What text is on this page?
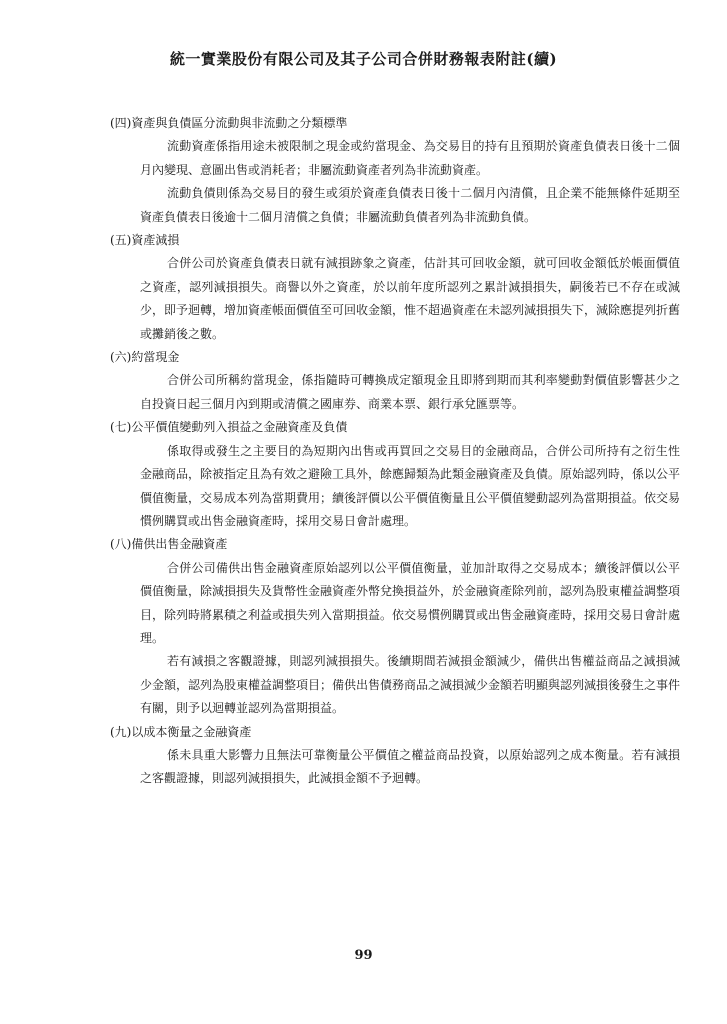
統一實業股份有限公司及其子公司合併財務報表附註(續)

(四)資產與負債區分流動與非流動之分類標準

流動資產係指用途未被限制之現金或約當現金、為交易目的持有且預期於資產負債表日後十二個月內變現、意圖出售或消耗者；非屬流動資產者列為非流動資產。

流動負債則係為交易目的發生或須於資產負債表日後十二個月內清償，且企業不能無條件延期至資產負債表日後逾十二個月清償之負債；非屬流動負債者列為非流動負債。

(五)資產減損

合併公司於資產負債表日就有減損跡象之資產，估計其可回收金額，就可回收金額低於帳面價值之資產，認列減損損失。商譽以外之資產，於以前年度所認列之累計減損損失，嗣後若已不存在或減少，即予迴轉，增加資產帳面價值至可回收金額，惟不超過資產在未認列減損損失下，減除應提列折舊或攤銷後之數。

(六)約當現金

合併公司所稱約當現金，係指隨時可轉換成定額現金且即將到期而其利率變動對價值影響甚少之自投資日起三個月內到期或清償之國庫券、商業本票、銀行承兌匯票等。

(七)公平價值變動列入損益之金融資產及負債

係取得或發生之主要目的為短期內出售或再買回之交易目的金融商品，合併公司所持有之衍生性金融商品，除被指定且為有效之避險工具外，餘應歸類為此類金融資產及負債。原始認列時，係以公平價值衡量，交易成本列為當期費用；續後評價以公平價值衡量且公平價值變動認列為當期損益。依交易慣例購買或出售金融資產時，採用交易日會計處理。

(八)備供出售金融資產

合併公司備供出售金融資產原始認列以公平價值衡量，並加計取得之交易成本；續後評價以公平價值衡量，除減損損失及貨幣性金融資產外幣兌換損益外，於金融資產除列前，認列為股東權益調整項目，除列時將累積之利益或損失列入當期損益。依交易慣例購買或出售金融資產時，採用交易日會計處理。

若有減損之客觀證據，則認列減損損失。後續期間若減損金額減少，備供出售權益商品之減損減少金額，認列為股東權益調整項目；備供出售債務商品之減損減少金額若明顯與認列減損後發生之事件有關，則予以迴轉並認列為當期損益。

(九)以成本衡量之金融資產

係未具重大影響力且無法可靠衡量公平價值之權益商品投資，以原始認列之成本衡量。若有減損之客觀證據，則認列減損損失，此減損金額不予迴轉。

99
